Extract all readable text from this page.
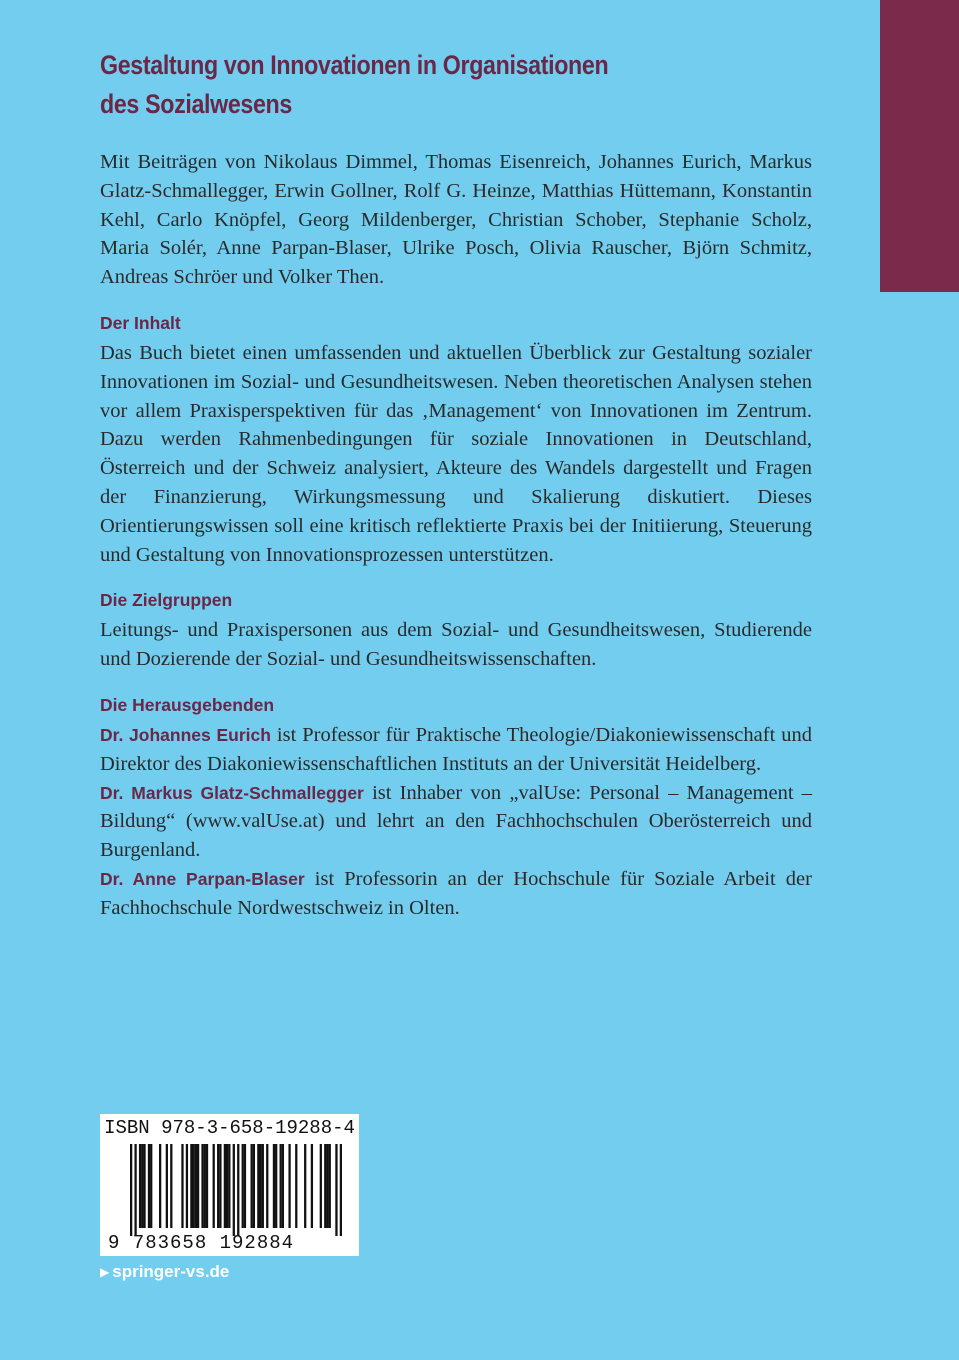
Gestaltung von Innovationen in Organisationen
des Sozialwesens

Mit Beiträgen von Nikolaus Dimmel, Thomas Eisenreich, Johannes Eurich, Markus Glatz-Schmallegger, Erwin Gollner, Rolf G. Heinze, Matthias Hüttemann, Konstantin Kehl, Carlo Knöpfel, Georg Mildenberger, Christian Schober, Stephanie Scholz, Maria Solér, Anne Parpan-Blaser, Ulrike Posch, Olivia Rauscher, Björn Schmitz, Andreas Schröer und Volker Then.

Der Inhalt

Das Buch bietet einen umfassenden und aktuellen Überblick zur Gestaltung sozialer Innovationen im Sozial- und Gesundheitswesen. Neben theoretischen Analysen stehen vor allem Praxisperspektiven für das ‚Management‘ von Innovationen im Zentrum. Dazu werden Rahmenbedingungen für soziale Innovationen in Deutschland, Österreich und der Schweiz analysiert, Akteure des Wandels dargestellt und Fragen der Finanzierung, Wirkungsmessung und Skalierung diskutiert. Dieses Orientierungswissen soll eine kritisch reflektierte Praxis bei der Initiierung, Steuerung und Gestaltung von Innovationsprozessen unterstützen.

Die Zielgruppen

Leitungs- und Praxispersonen aus dem Sozial- und Gesundheitswesen, Studierende und Dozierende der Sozial- und Gesundheitswissenschaften.

Die Herausgebenden

Dr. Johannes Eurich ist Professor für Praktische Theologie/Diakoniewissenschaft und Direktor des Diakoniewissenschaftlichen Instituts an der Universität Heidelberg.

Dr. Markus Glatz-Schmallegger ist Inhaber von „valUse: Personal – Management – Bildung“ (www.valUse.at) und lehrt an den Fachhochschulen Oberösterreich und Burgenland.

Dr. Anne Parpan-Blaser ist Professorin an der Hochschule für Soziale Arbeit der Fachhochschule Nordwestschweiz in Olten.

ISBN 978-3-658-19288-4
9 783658 192884
▶ springer-vs.de
